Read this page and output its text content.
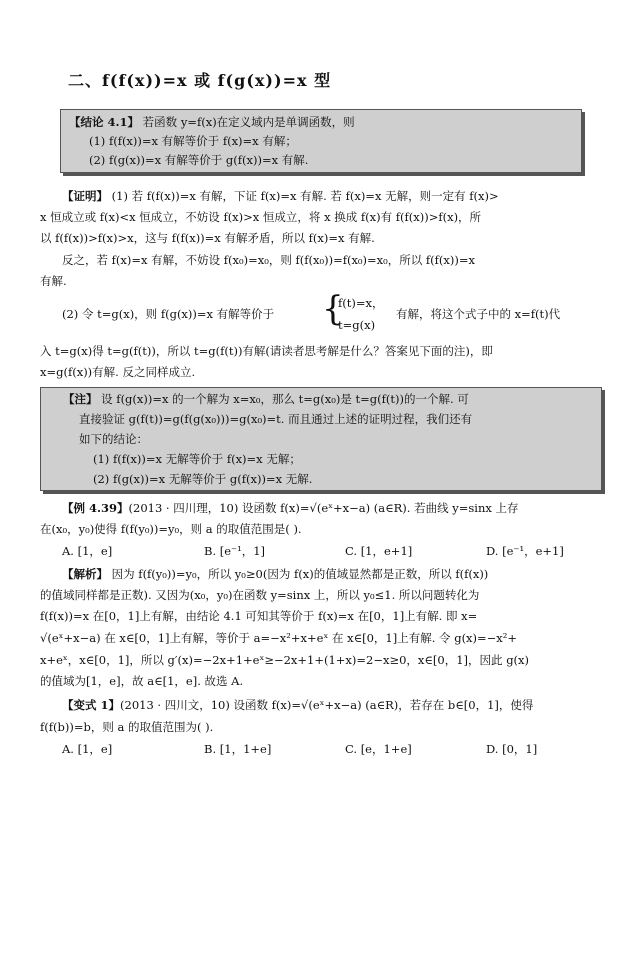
二、f(f(x))=x 或 f(g(x))=x 型
【结论 4.1】 若函数 y=f(x)在定义域内是单调函数，则
(1) f(f(x))=x 有解等价于 f(x)=x 有解；
(2) f(g(x))=x 有解等价于 g(f(x))=x 有解.
【证明】 (1) 若 f(f(x))=x 有解，下证 f(x)=x 有解. 若 f(x)=x 无解，则一定有 f(x)>
x 恒成立或 f(x)<x 恒成立，不妨设 f(x)>x 恒成立，将 x 换成 f(x)有 f(f(x))>f(x)，所
以 f(f(x))>f(x)>x，这与 f(f(x))=x 有解矛盾，所以 f(x)=x 有解.
反之，若 f(x)=x 有解，不妨设 f(x₀)=x₀，则 f(f(x₀))=f(x₀)=x₀，所以 f(f(x))=x
有解.
(2) 令 t=g(x)，则 f(g(x))=x 有解等价于	{
f(t)=x，
t=g(x)
有解，将这个式子中的 x=f(t)代
入 t=g(x)得 t=g(f(t))，所以 t=g(f(t))有解(请读者思考解是什么？答案见下面的注)，即
x=g(f(x))有解. 反之同样成立.
【注】 设 f(g(x))=x 的一个解为 x=x₀，那么 t=g(x₀)是 t=g(f(t))的一个解. 可
直接验证 g(f(t))=g(f(g(x₀)))=g(x₀)=t. 而且通过上述的证明过程，我们还有
如下的结论：
(1) f(f(x))=x 无解等价于 f(x)=x 无解；
(2) f(g(x))=x 无解等价于 g(f(x))=x 无解.
【例 4.39】(2013 · 四川理，10) 设函数 f(x)=√(eˣ+x−a) (a∈R). 若曲线 y=sinx 上存
在(x₀，y₀)使得 f(f(y₀))=y₀，则 a 的取值范围是( ).
A. [1，e]	B. [e⁻¹，1]	C. [1，e+1]	D. [e⁻¹，e+1]
【解析】 因为 f(f(y₀))=y₀，所以 y₀≥0(因为 f(x)的值域显然都是正数，所以 f(f(x))
的值域同样都是正数). 又因为(x₀，y₀)在函数 y=sinx 上，所以 y₀≤1. 所以问题转化为
f(f(x))=x 在[0，1]上有解，由结论 4.1 可知其等价于 f(x)=x 在[0，1]上有解. 即 x=
√(eˣ+x−a) 在 x∈[0，1]上有解，等价于 a=−x²+x+eˣ 在 x∈[0，1]上有解. 令 g(x)=−x²+
x+eˣ，x∈[0，1]，所以 g′(x)=−2x+1+eˣ≥−2x+1+(1+x)=2−x≥0，x∈[0，1]，因此 g(x)
的值域为[1，e]，故 a∈[1，e]. 故选 A.
【变式 1】(2013 · 四川文，10) 设函数 f(x)=√(eˣ+x−a) (a∈R)，若存在 b∈[0，1]，使得
f(f(b))=b，则 a 的取值范围为( ).
A. [1，e]	B. [1，1+e]	C. [e，1+e]	D. [0，1]
